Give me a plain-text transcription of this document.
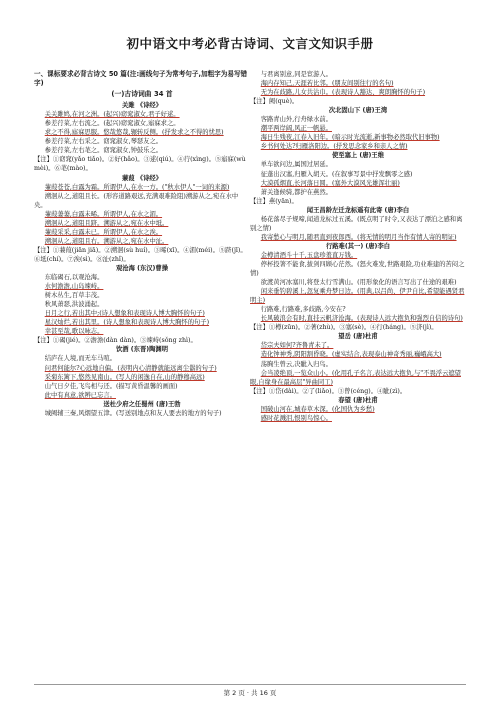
初中语文中考必背古诗词、文言文知识手册

一、课标要求必背古诗文 50 篇(注:画线句子为常考句子,加粗字为易写错字)

(一)古诗词曲 34 首

关雎 《诗经》

关关雎鸠,在河之洲。(起兴)窈窕淑女,君子好逑。

参差荇菜,左右流之。(起兴)窈窕淑女,寤寐求之。

求之不得,寤寐思服。悠哉悠哉,辗转反侧。(抒发求之不得的忧思)

参差荇菜,左右采之。窈窕淑女,琴瑟友之。

参差荇菜,左右芼之。窈窕淑女,钟鼓乐之。

【注】①窈窕(yǎo tiǎo)。②好(hǎo)。③逑(qiú)。④荇(xìng)。⑤寤寐(wù mèi)。⑥芼(mào)。

蒹葭 《诗经》

蒹葭苍苍,白露为霜。所谓伊人,在水一方。("秋水伊人"一词的来源)

溯洄从之,道阻且长。(形容道路艰远,充满艰难险阻)溯游从之,宛在水中央。

蒹葭萋萋,白露未晞。所谓伊人,在水之湄。

溯洄从之,道阻且跻。溯游从之,宛在水中坻。

蒹葭采采,白露未已。所谓伊人,在水之涘。

溯洄从之,道阻且右。溯游从之,宛在水中沚。

【注】①蒹葭(jiān jiā)。②溯洄(sù huí)。③晞(xī)。④湄(méi)。⑤跻(jī)。⑥坻(chí)。⑦涘(sì)。⑧沚(zhǐ)。

观沧海 (东汉)曹操

东临碣石,以观沧海。

水何澹澹,山岛竦峙。

树木丛生,百草丰茂。

秋风萧瑟,洪波涌起。

日月之行,若出其中;(诗人想象和表现诗人博大胸怀的句子)

星汉灿烂,若出其里。(诗人想象和表现诗人博大胸怀的句子)

幸甚至哉,歌以咏志。

【注】①碣(jié)。②澹澹(dàn dàn)。③竦峙(sǒng zhì)。

饮酒 (东晋)陶渊明

结庐在人境,而无车马喧。

问君何能尔?心远地自偏。(表明内心清静就能远离尘嚣的句子)

采菊东篱下,悠然见南山。(写人的闲逸自在,山的静穆高远)

山气日夕佳,飞鸟相与还。(描写黄昏温馨的画面)

此中有真意,欲辨已忘言。

送杜少府之任蜀州 (唐)王勃

城阙辅三秦,风烟望五津。(写送别地点和友人要去的地方的句子)

与君离别意,同是宦游人。

海内存知己,天涯若比邻。(朋友间别往行的名句)

无为在歧路,儿女共沾巾。(表现诗人豁达、爽朗胸怀的句子)

【注】阙(què)。

次北固山下 (唐)王湾

客路青山外,行舟绿水前。

潮平两岸阔,风正一帆悬。

海日生残夜,江春入旧年。(暗示时光流逝,新事物必然取代旧事物)

乡书何处达?归雁洛阳边。(抒发思念家乡和亲人之情)

使至塞上 (唐)王维

单车欲问边,属国过居延。

征蓬出汉塞,归雁入胡天。(在叙事写景中抒发飘零之感)

大漠孤烟直,长河落日圆。(塞外大漠风光雄浑壮丽)

萧关逢候骑,都护在燕然。

【注】燕(yān)。

闻王昌龄左迁龙标遥有此寄 (唐)李白

杨花落尽子规啼,闻道龙标过五溪。(既点明了时令,又表达了漂泊之感和离别之情)

我寄愁心与明月,随君直到夜郎西。(将无情的明月当作有情人寄的明证)

行路难(其一) (唐)李白

金樽清酒斗十千,玉盘珍羞直万钱。

停杯投箸不能食,拔剑四顾心茫然。(怒火难发,世路艰险,功业难建的苦闷之情)

欲渡黄河冰塞川,将登太行雪满山。(用形象化的语言写出了仕途的艰难)

闲来垂钓碧溪上,忽复乘舟梦日边。(用典,以吕尚、伊尹自比,希望能遇贤君明主)

行路难,行路难,多歧路,今安在?

长风破浪会有时,直挂云帆济沧海。(表现诗人远大抱负和强烈自信的诗句)

【注】①樽(zūn)。②著(zhù)。③塞(sè)。④行(háng)。⑤济(jì)。

望岳 (唐)杜甫

岱宗夫如何?齐鲁青未了。

造化钟神秀,阴阳割昏晓。(虚实结合,表现泰山神奇秀丽,巍峨高大)

荡胸生曾云,决眦入归鸟。

会当凌绝顶,一览众山小。(化用孔子名言,表达远大抱负,与"不畏浮云遮望眼,自缘身在最高层"异曲同工)

【注】①岱(dài)。②了(liǎo)。③曾(céng)。④眦(zì)。

春望 (唐)杜甫

国破山河在,城春草木深。(化国仇为乡愁)

感时花溅泪,恨别鸟惊心。

第 2 页 · 共 16 页
